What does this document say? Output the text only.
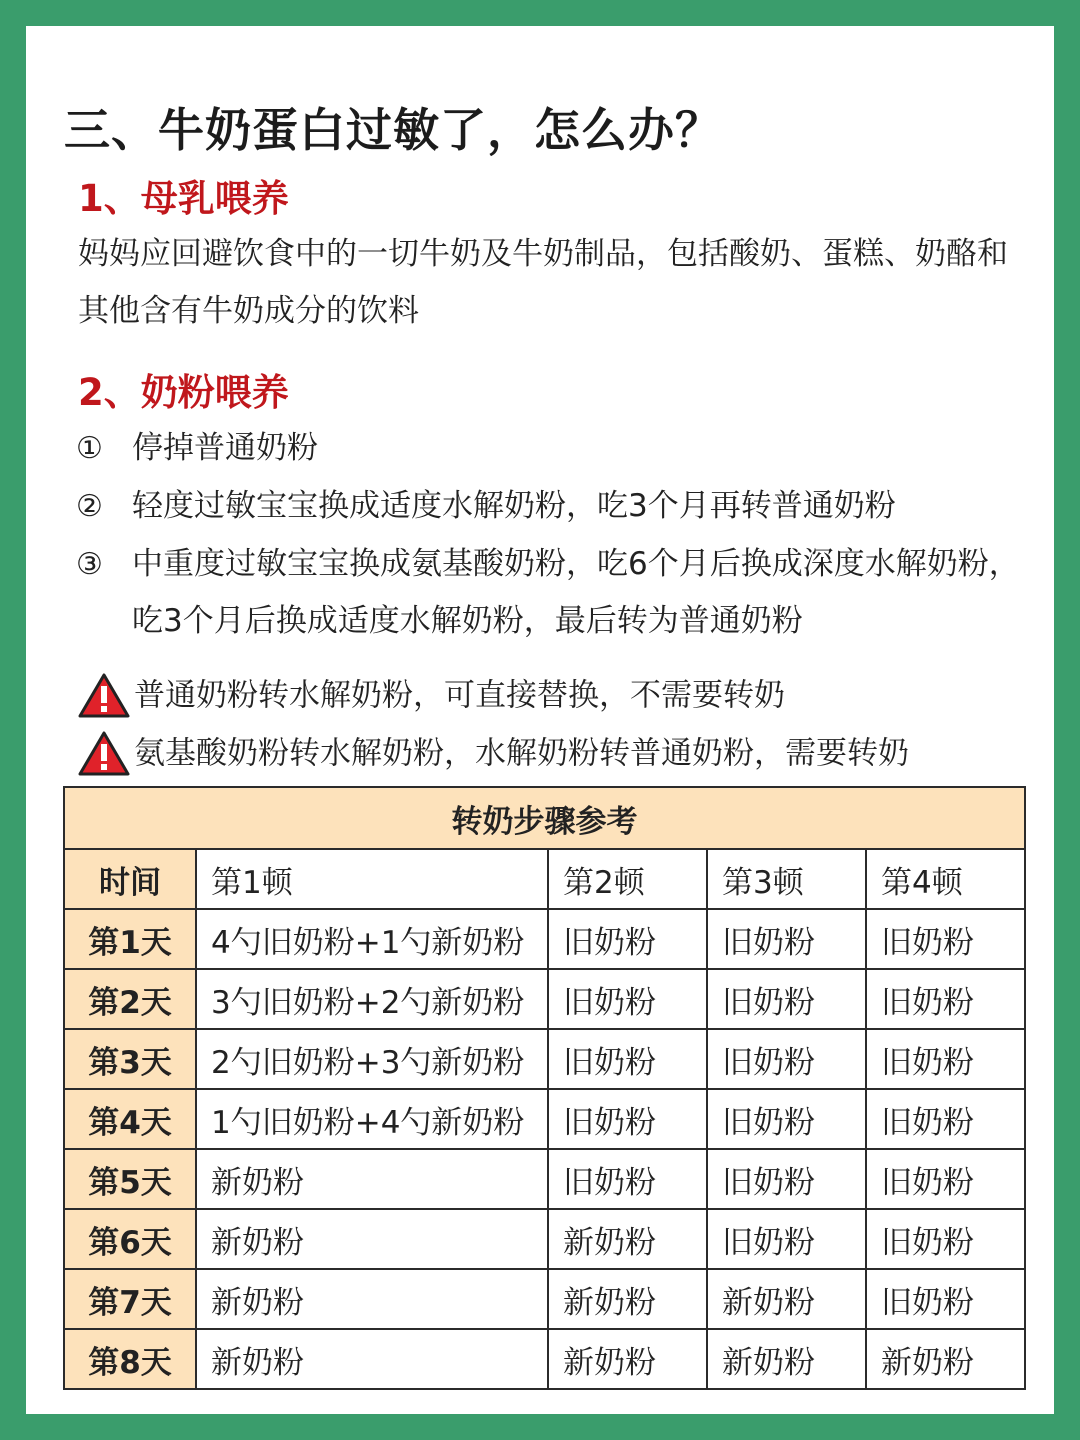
三、牛奶蛋白过敏了，怎么办？
1、母乳喂养
妈妈应回避饮食中的一切牛奶及牛奶制品，包括酸奶、蛋糕、奶酪和其他含有牛奶成分的饮料
2、奶粉喂养
① 停掉普通奶粉
② 轻度过敏宝宝换成适度水解奶粉，吃3个月再转普通奶粉
③ 中重度过敏宝宝换成氨基酸奶粉，吃6个月后换成深度水解奶粉，吃3个月后换成适度水解奶粉，最后转为普通奶粉
普通奶粉转水解奶粉，可直接替换，不需要转奶
氨基酸奶粉转水解奶粉，水解奶粉转普通奶粉，需要转奶
转奶步骤参考				
时间	第1顿	第2顿	第3顿	第4顿
第1天	4勺旧奶粉+1勺新奶粉	旧奶粉	旧奶粉	旧奶粉
第2天	3勺旧奶粉+2勺新奶粉	旧奶粉	旧奶粉	旧奶粉
第3天	2勺旧奶粉+3勺新奶粉	旧奶粉	旧奶粉	旧奶粉
第4天	1勺旧奶粉+4勺新奶粉	旧奶粉	旧奶粉	旧奶粉
第5天	新奶粉	旧奶粉	旧奶粉	旧奶粉
第6天	新奶粉	新奶粉	旧奶粉	旧奶粉
第7天	新奶粉	新奶粉	新奶粉	旧奶粉
第8天	新奶粉	新奶粉	新奶粉	新奶粉
